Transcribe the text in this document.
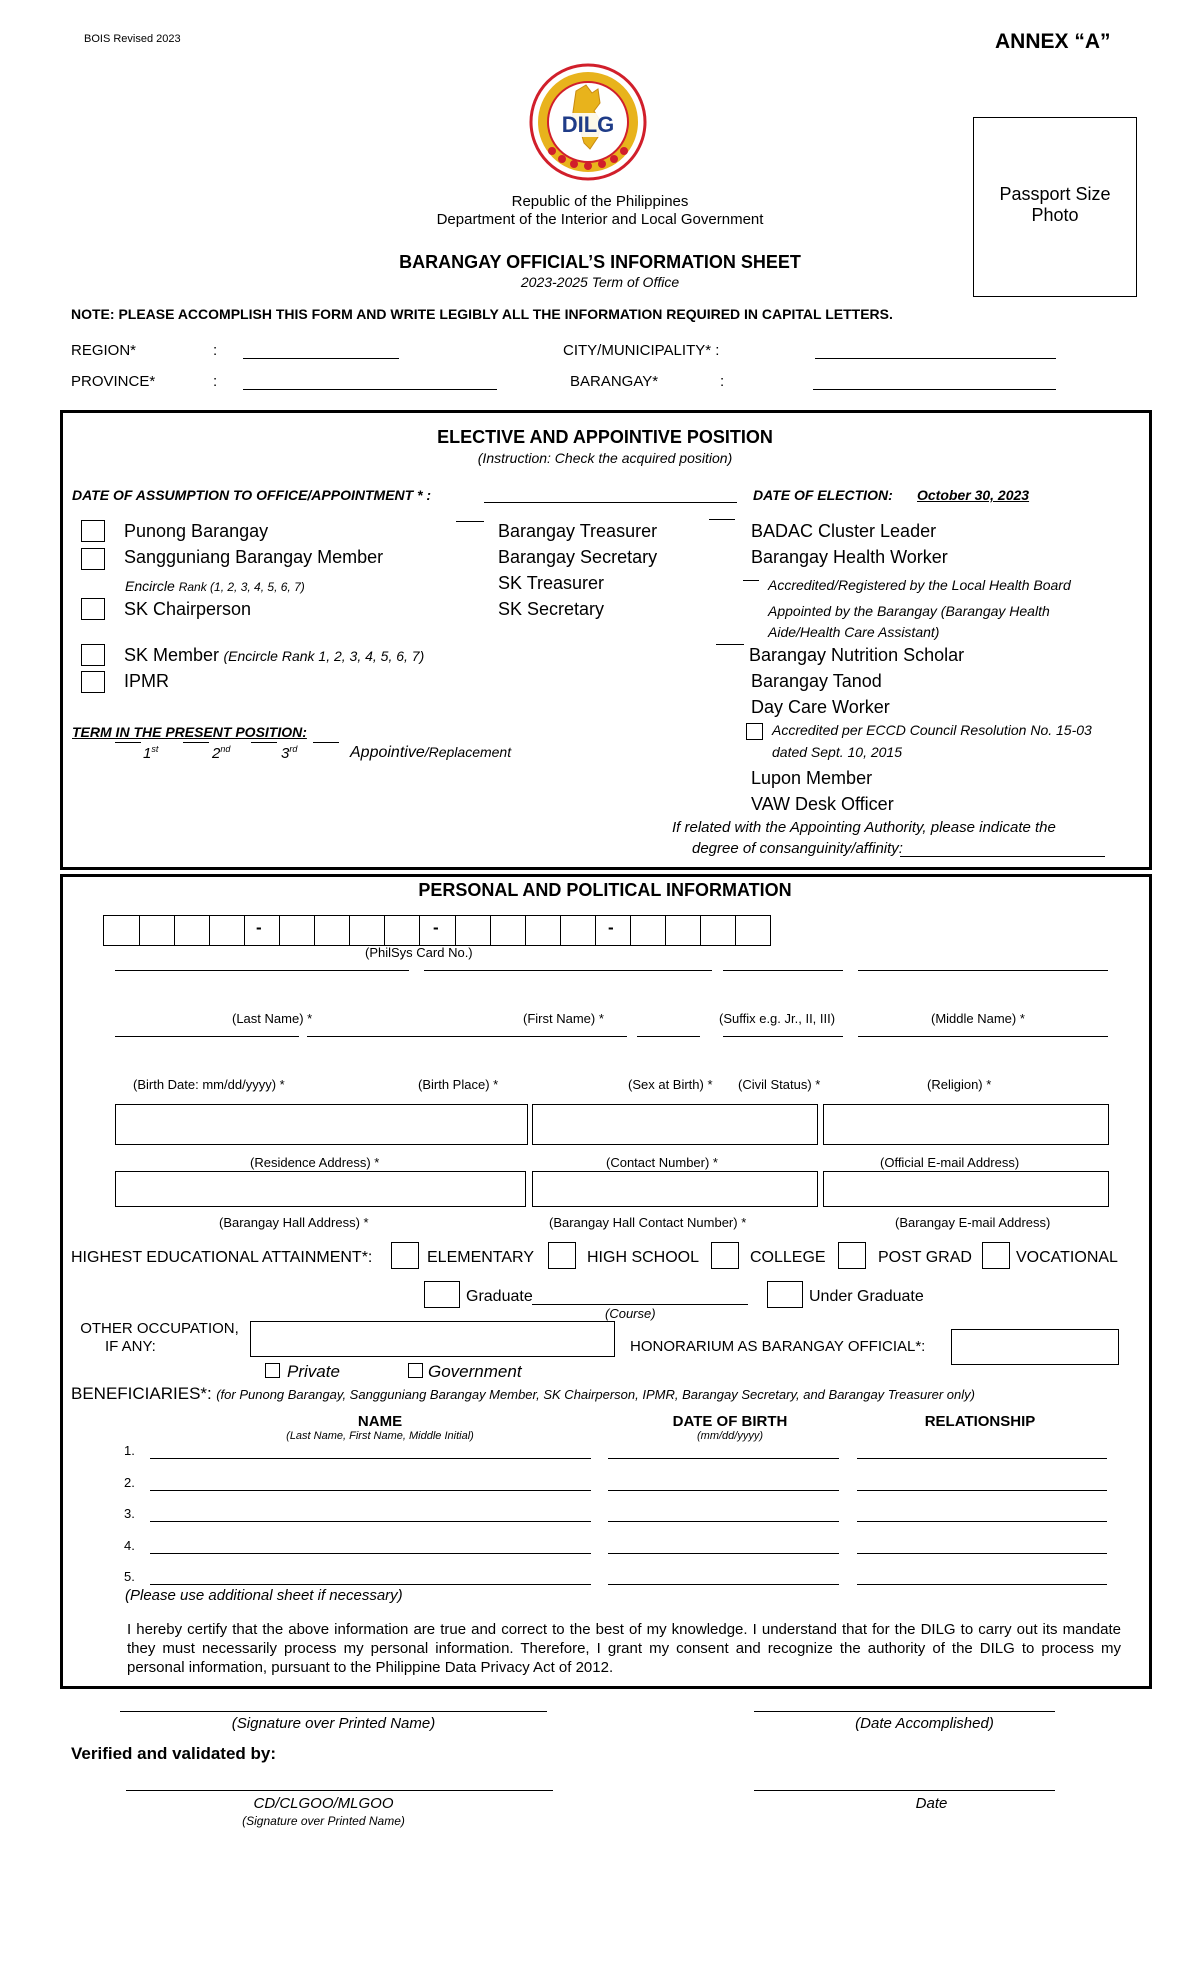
BOIS Revised 2023	ANNEX “A”
Passport Size
Photo
DILG
Republic of the Philippines
Department of the Interior and Local Government
BARANGAY OFFICIAL’S INFORMATION SHEET
2023-2025 Term of Office
NOTE: PLEASE ACCOMPLISH THIS FORM AND WRITE LEGIBLY ALL THE INFORMATION REQUIRED IN CAPITAL LETTERS.
REGION*	:	CITY/MUNICIPALITY* :
PROVINCE*	:	BARANGAY*	:
ELECTIVE AND APPOINTIVE POSITION
(Instruction: Check the acquired position)
DATE OF ASSUMPTION TO OFFICE/APPOINTMENT * :	DATE OF ELECTION: October 30, 2023
Punong Barangay
Sangguniang Barangay Member
Encircle Rank (1, 2, 3, 4, 5, 6, 7)
SK Chairperson
SK Member (Encircle Rank 1, 2, 3, 4, 5, 6, 7)
IPMR
TERM IN THE PRESENT POSITION:
1st	2nd	3rd	Appointive/Replacement
Barangay Treasurer
Barangay Secretary
SK Treasurer
SK Secretary
BADAC Cluster Leader
Barangay Health Worker
Accredited/Registered by the Local Health Board
Appointed by the Barangay (Barangay Health
Aide/Health Care Assistant)
Barangay Nutrition Scholar
Barangay Tanod
Day Care Worker
Accredited per ECCD Council Resolution No. 15-03
dated Sept. 10, 2015
Lupon Member
VAW Desk Officer
If related with the Appointing Authority, please indicate the
degree of consanguinity/affinity:
PERSONAL AND POLITICAL INFORMATION
-	-	-
(PhilSys Card No.)
(Last Name) *	(First Name) *	(Suffix e.g. Jr., II, III)	(Middle Name) *
(Birth Date: mm/dd/yyyy) *	(Birth Place) *	(Sex at Birth) * (Civil Status) *	(Religion) *
(Residence Address) *	(Contact Number) *	(Official E-mail Address)
(Barangay Hall Address) *	(Barangay Hall Contact Number) *	(Barangay E-mail Address)
HIGHEST EDUCATIONAL ATTAINMENT*:	ELEMENTARY	HIGH SCHOOL	COLLEGE	POST GRAD	VOCATIONAL
Graduate
(Course)
Under Graduate
OTHER OCCUPATION,
IF ANY:	HONORARIUM AS BARANGAY OFFICIAL*:
Private	Government
BENEFICIARIES*: (for Punong Barangay, Sangguniang Barangay Member, SK Chairperson, IPMR, Barangay Secretary, and Barangay Treasurer only)
NAME
(Last Name, First Name, Middle Initial)
DATE OF BIRTH
(mm/dd/yyyy)
RELATIONSHIP
1.
2.
3.
4.
5.
(Please use additional sheet if necessary)
I hereby certify that the above information are true and correct to the best of my knowledge. I understand that for the DILG to carry out its mandate they must necessarily process my personal information. Therefore, I grant my consent and recognize the authority of the DILG to process my personal information, pursuant to the Philippine Data Privacy Act of 2012.
(Signature over Printed Name)	(Date Accomplished)
Verified and validated by:
CD/CLGOO/MLGOO
(Signature over Printed Name)
Date
